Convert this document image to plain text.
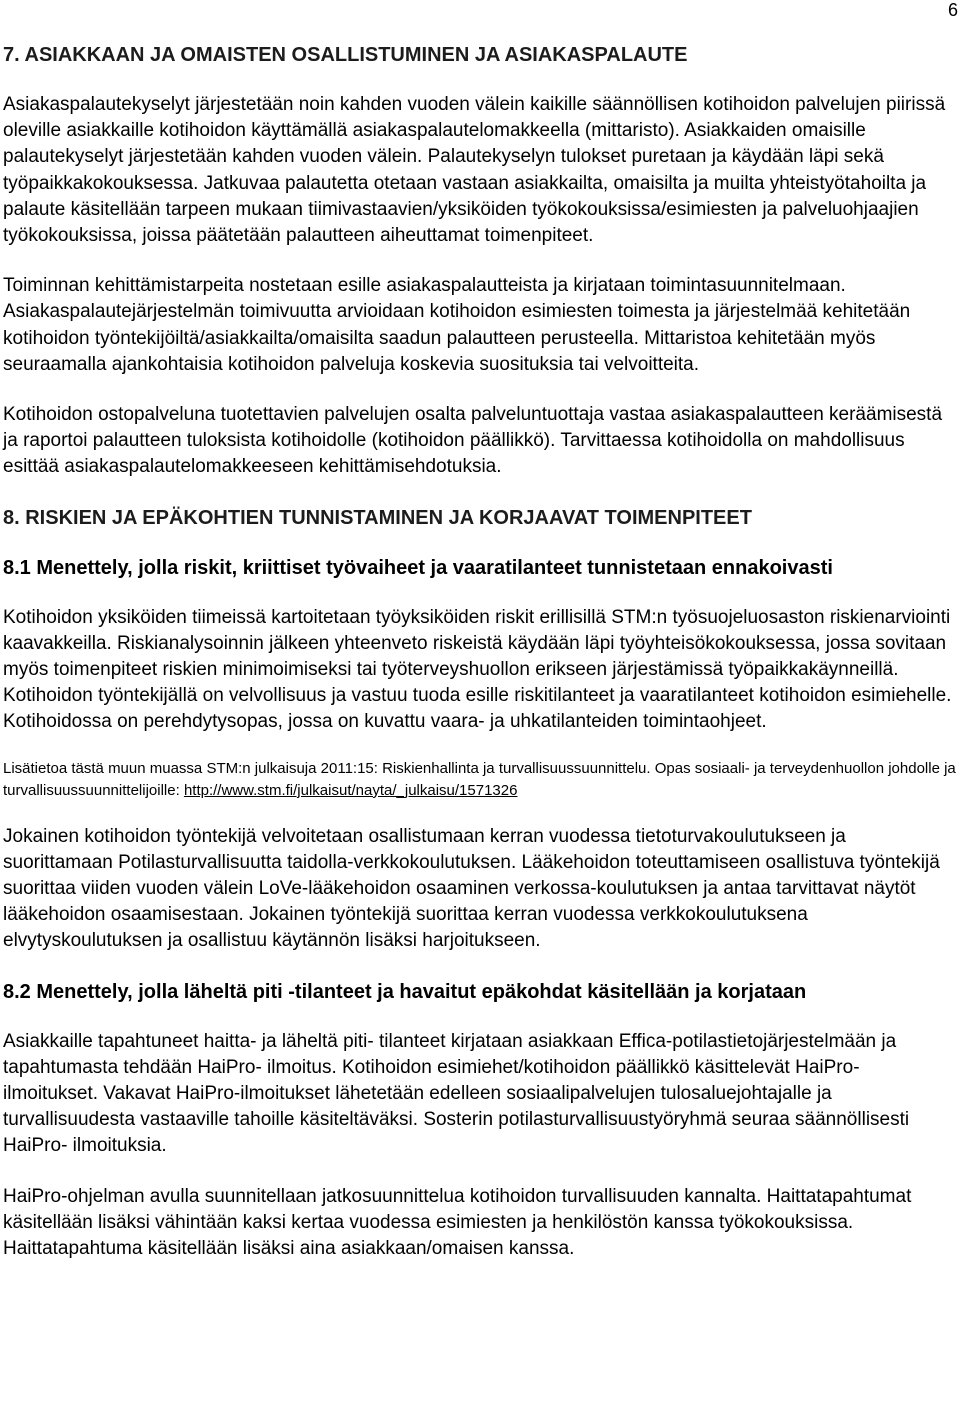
6
7. ASIAKKAAN JA OMAISTEN OSALLISTUMINEN JA ASIAKASPALAUTE

Asiakaspalautekyselyt järjestetään noin kahden vuoden välein kaikille säännöllisen kotihoidon palvelujen piirissä oleville asiakkaille kotihoidon käyttämällä asiakaspalautelomakkeella (mittaristo). Asiakkaiden omaisille palautekyselyt järjestetään kahden vuoden välein. Palautekyselyn tulokset puretaan ja käydään läpi sekä työpaikkakokouksessa. Jatkuvaa palautetta otetaan vastaan asiakkailta, omaisilta ja muilta yhteistyötahoilta ja palaute käsitellään tarpeen mukaan tiimivastaavien/yksiköiden työkokouksissa/esimiesten ja palveluohjaajien työkokouksissa, joissa päätetään palautteen aiheuttamat toimenpiteet.

Toiminnan kehittämistarpeita nostetaan esille asiakaspalautteista ja kirjataan toimintasuunnitelmaan. Asiakaspalautejärjestelmän toimivuutta arvioidaan kotihoidon esimiesten toimesta ja järjestelmää kehitetään kotihoidon työntekijöiltä/asiakkailta/omaisilta saadun palautteen perusteella. Mittaristoa kehitetään myös seuraamalla ajankohtaisia kotihoidon palveluja koskevia suosituksia tai velvoitteita.

Kotihoidon ostopalveluna tuotettavien palvelujen osalta palveluntuottaja vastaa asiakaspalautteen keräämisestä ja raportoi palautteen tuloksista kotihoidolle (kotihoidon päällikkö). Tarvittaessa kotihoidolla on mahdollisuus esittää asiakaspalautelomakkeeseen kehittämisehdotuksia.

8. RISKIEN JA EPÄKOHTIEN TUNNISTAMINEN JA KORJAAVAT TOIMENPITEET
8.1 Menettely, jolla riskit, kriittiset työvaiheet ja vaaratilanteet tunnistetaan ennakoivasti

Kotihoidon yksiköiden tiimeissä kartoitetaan työyksiköiden riskit erillisillä STM:n työsuojeluosaston riskienarviointi kaavakkeilla. Riskianalysoinnin jälkeen yhteenveto riskeistä käydään läpi työyhteisökokouksessa, jossa sovitaan myös toimenpiteet riskien minimoimiseksi tai työterveyshuollon erikseen järjestämissä työpaikkakäynneillä. Kotihoidon työntekijällä on velvollisuus ja vastuu tuoda esille riskitilanteet ja vaaratilanteet kotihoidon esimiehelle. Kotihoidossa on perehdytysopas, jossa on kuvattu vaara- ja uhkatilanteiden toimintaohjeet.

Lisätietoa tästä muun muassa STM:n julkaisuja 2011:15: Riskienhallinta ja turvallisuussuunnittelu. Opas sosiaali- ja terveydenhuollon johdolle ja turvallisuussuunnittelijoille: http://www.stm.fi/julkaisut/nayta/_julkaisu/1571326

Jokainen kotihoidon työntekijä velvoitetaan osallistumaan kerran vuodessa tietoturvakoulutukseen ja suorittamaan Potilasturvallisuutta taidolla-verkkokoulutuksen. Lääkehoidon toteuttamiseen osallistuva työntekijä suorittaa viiden vuoden välein LoVe-lääkehoidon osaaminen verkossa-koulutuksen ja antaa tarvittavat näytöt lääkehoidon osaamisestaan. Jokainen työntekijä suorittaa kerran vuodessa verkkokoulutuksena elvytyskoulutuksen ja osallistuu käytännön lisäksi harjoitukseen.

8.2 Menettely, jolla läheltä piti -tilanteet ja havaitut epäkohdat käsitellään ja korjataan

Asiakkaille tapahtuneet haitta- ja läheltä piti- tilanteet kirjataan asiakkaan Effica-potilastietojärjestelmään ja tapahtumasta tehdään HaiPro- ilmoitus. Kotihoidon esimiehet/kotihoidon päällikkö käsittelevät HaiPro- ilmoitukset. Vakavat HaiPro-ilmoitukset lähetetään edelleen sosiaalipalvelujen tulosaluejohtajalle ja turvallisuudesta vastaaville tahoille käsiteltäväksi. Sosterin potilasturvallisuustyöryhmä seuraa säännöllisesti HaiPro- ilmoituksia.

HaiPro-ohjelman avulla suunnitellaan jatkosuunnittelua kotihoidon turvallisuuden kannalta. Haittatapahtumat käsitellään lisäksi vähintään kaksi kertaa vuodessa esimiesten ja henkilöstön kanssa työkokouksissa. Haittatapahtuma käsitellään lisäksi aina asiakkaan/omaisen kanssa.
